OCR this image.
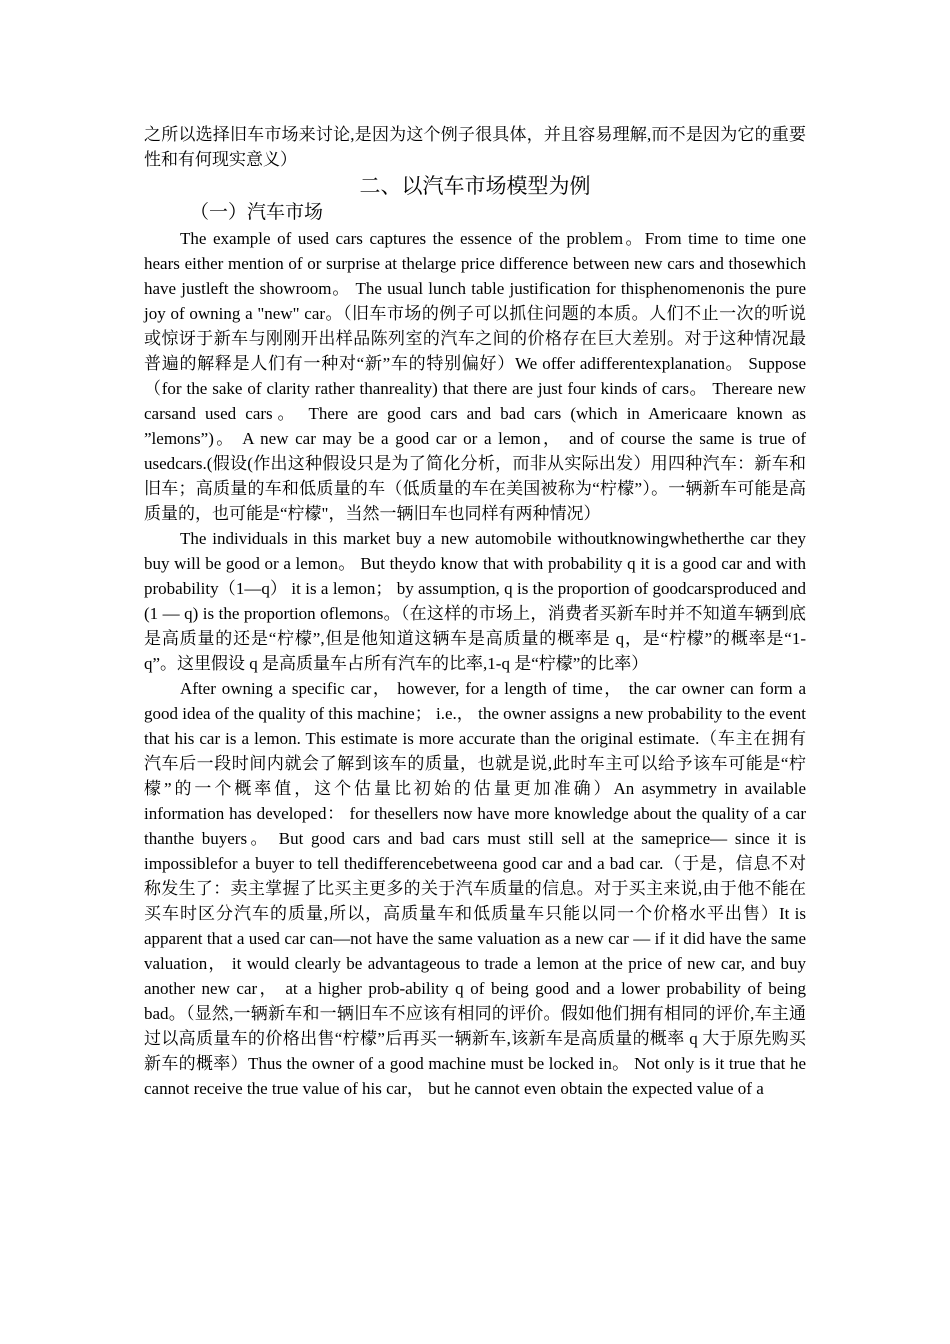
之所以选择旧车市场来讨论,是因为这个例子很具体，并且容易理解,而不是因为它的重要性和有何现实意义）

二、以汽车市场模型为例
（一）汽车市场

The example of used cars captures the essence of the problem。From time to time one hears either mention of or surprise at thelarge price difference between new cars and thosewhich have justleft the showroom。 The usual lunch table justification for thisphenomenonis the pure joy of owning a "new" car。（旧车市场的例子可以抓住问题的本质。人们不止一次的听说或惊讶于新车与刚刚开出样品陈列室的汽车之间的价格存在巨大差别。对于这种情况最普遍的解释是人们有一种对“新”车的特别偏好）We offer adifferentexplanation。 Suppose （for the sake of clarity rather thanreality) that there are just four kinds of cars。 Thereare new carsand used cars。 There are good cars and bad cars (which in Americaare known as ”lemons”)。 A new car may be a good car or a lemon， and of course the same is true of usedcars.(假设(作出这种假设只是为了简化分析，而非从实际出发）用四种汽车：新车和旧车；高质量的车和低质量的车（低质量的车在美国被称为“柠檬”）。一辆新车可能是高质量的，也可能是“柠檬"，当然一辆旧车也同样有两种情况）

The individuals in this market buy a new automobile withoutknowingwhetherthe car they buy will be good or a lemon。 But theydo know that with probability q it is a good car and with probability（1—q） it is a lemon； by assumption, q is the proportion of goodcarsproduced and (1 — q) is the proportion oflemons。（在这样的市场上，消费者买新车时并不知道车辆到底是高质量的还是“柠檬”,但是他知道这辆车是高质量的概率是 q，是“柠檬”的概率是“1-q”。这里假设 q 是高质量车占所有汽车的比率,1-q 是“柠檬”的比率）

After owning a specific car， however, for a length of time， the car owner can form a good idea of the quality of this machine； i.e.， the owner assigns a new probability to the event that his car is a lemon. This estimate is more accurate than the original estimate.（车主在拥有汽车后一段时间内就会了解到该车的质量，也就是说,此时车主可以给予该车可能是“柠檬”的一个概率值，这个估量比初始的估量更加准确）An asymmetry in available information has developed： for thesellers now have more knowledge about the quality of a car thanthe buyers。 But good cars and bad cars must still sell at the sameprice— since it is impossiblefor a buyer to tell thedifferencebetweena good car and a bad car.（于是，信息不对称发生了：卖主掌握了比买主更多的关于汽车质量的信息。对于买主来说,由于他不能在买车时区分汽车的质量,所以，高质量车和低质量车只能以同一个价格水平出售）It is apparent that a used car can—not have the same valuation as a new car — if it did have the same valuation， it would clearly be advantageous to trade a lemon at the price of new car, and buy another new car， at a higher prob-ability q of being good and a lower probability of being bad。（显然,一辆新车和一辆旧车不应该有相同的评价。假如他们拥有相同的评价,车主通过以高质量车的价格出售“柠檬”后再买一辆新车,该新车是高质量的概率 q 大于原先购买新车的概率）Thus the owner of a good machine must be locked in。 Not only is it true that he cannot receive the true value of his car， but he cannot even obtain the expected value of a
